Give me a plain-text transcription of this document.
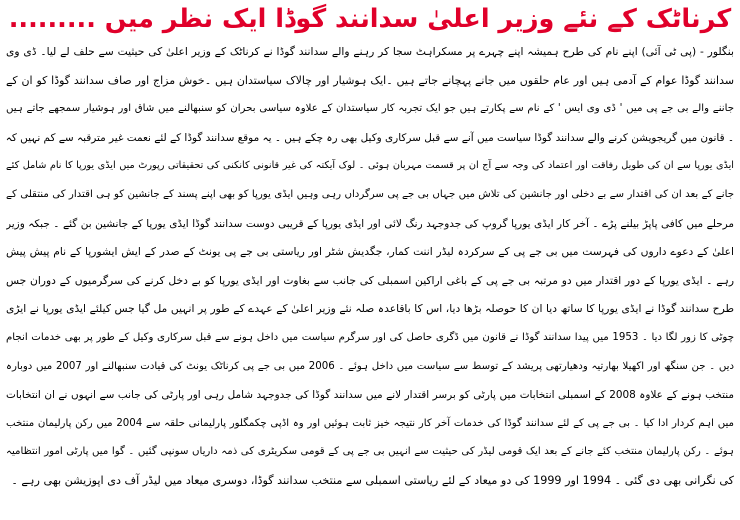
کرناٹک کے نئے وزیر اعلیٰ سدانند گوڈا ایک نظر میں .........
بنگلور - (پی ٹی آئی) اپنے نام کی طرح ہمیشہ اپنے چہرے پر مسکراہٹ سجا کر رہنے والے سدانند گوڈا نے کرناٹک کے وزیر اعلیٰ کی حیثیت سے حلف لے لیا۔ ڈی وی
سدانند گوڈا عوام کے آدمی ہیں اور عام حلقوں میں جانے پہچانے جاتے ہیں ۔ایک ہوشیار اور چالاک سیاستدان ہیں ۔خوش مزاج اور صاف سدانند گوڈا کو ان کے
جاننے والے بی جے پی میں ' ڈی وی ایس ' کے نام سے پکارتے ہیں جو ایک تجربہ کار سیاستدان کے علاوہ سیاسی بحران کو سنبھالنے میں شاق اور ہوشیار سمجھے جاتے ہیں
۔ قانون میں گریجویشن کرنے والے سدانند گوڈا سیاست میں آنے سے قبل سرکاری وکیل بھی رہ چکے ہیں ۔ یہ موقع سدانند گوڈا کے لئے نعمت غیر مترقبہ سے کم نہیں کہ
ایڈی یورپا سے ان کی طویل رفاقت اور اعتماد کی وجہ سے آج ان پر قسمت مہربان ہوئی ۔ لوک آیکتہ کی غیر قانونی کانکنی کی تحقیقاتی رپورٹ میں ایڈی یورپا کا نام شامل کئے
جانے کے بعد ان کی اقتدار سے بے دخلی اور جانشین کی تلاش میں جہاں بی جے پی سرگرداں رہی وہیں ایڈی یورپا کو بھی اپنے پسند کے جانشین کو ہی اقتدار کی منتقلی کے
مرحلے میں کافی پاپڑ بیلنے پڑے ۔ آخر کار ایڈی یورپا گروپ کی جدوجہد رنگ لائی اور ایڈی یورپا کے قریبی دوست سدانند گوڈا ایڈی یورپا کے جانشین بن گئے ۔ جبکہ وزیر
اعلیٰ کے دعوے داروں کی فہرست میں بی جے پی کے سرکردہ لیڈر اننت کمار، جگدیش شٹر اور ریاستی بی جے پی یونٹ کے صدر کے ایش ایشورپا کے نام پیش پیش
رہے ۔ ایڈی یورپا کے دور اقتدار میں دو مرتبہ بی جے پی کے باغی اراکین اسمبلی کی جانب سے بغاوت اور ایڈی یورپا کو بے دخل کرنے کی سرگرمیوں کے دوران جس
طرح سدانند گوڈا نے ایڈی یورپا کا ساتھ دیا ان کا حوصلہ بڑھا دیا، اس کا باقاعدہ صلہ نئے وزیر اعلیٰ کے عہدے کے طور پر انہیں مل گیا جس کیلئے ایڈی یورپا نے ایڑی
چوٹی کا زور لگا دیا ۔ 1953 میں پیدا سدانند گوڈا نے قانون میں ڈگری حاصل کی اور سرگرم سیاست میں داخل ہونے سے قبل سرکاری وکیل کے طور پر بھی خدمات انجام
دیں ۔ جن سنگھ اور اکھیلا بھارتیہ ودھیارتھی پریشد کے توسط سے سیاست میں داخل ہوئے ۔ 2006 میں بی جے پی کرناٹک یونٹ کی قیادت سنبھالنے اور 2007 میں دوبارہ
منتخب ہونے کے علاوہ 2008 کے اسمبلی انتخابات میں پارٹی کو برسر اقتدار لانے میں سدانند گوڈا کی جدوجہد شامل رہی اور پارٹی کی جانب سے انہوں نے ان انتخابات
میں اہم کردار ادا کیا ۔ بی جے پی کے لئے سدانند گوڈا کی خدمات آخر کار نتیجہ خیز ثابت ہوئیں اور وہ اڈپی چکمگلور پارلیمانی حلقہ سے 2004 میں رکن پارلیمان منتخب
ہوئے ۔ رکن پارلیمان منتخب کئے جانے کے بعد ایک قومی لیڈر کی حیثیت سے انہیں بی جے پی کے قومی سکریٹری کی ذمہ داریاں سونپی گئیں ۔ گوا میں پارٹی امور انتظامیہ
کی نگرانی بھی دی گئی ۔ 1994 اور 1999 کی دو میعاد کے لئے ریاستی اسمبلی سے منتخب سدانند گوڈا، دوسری میعاد میں لیڈر آف دی اپوزیشن بھی رہے ۔
